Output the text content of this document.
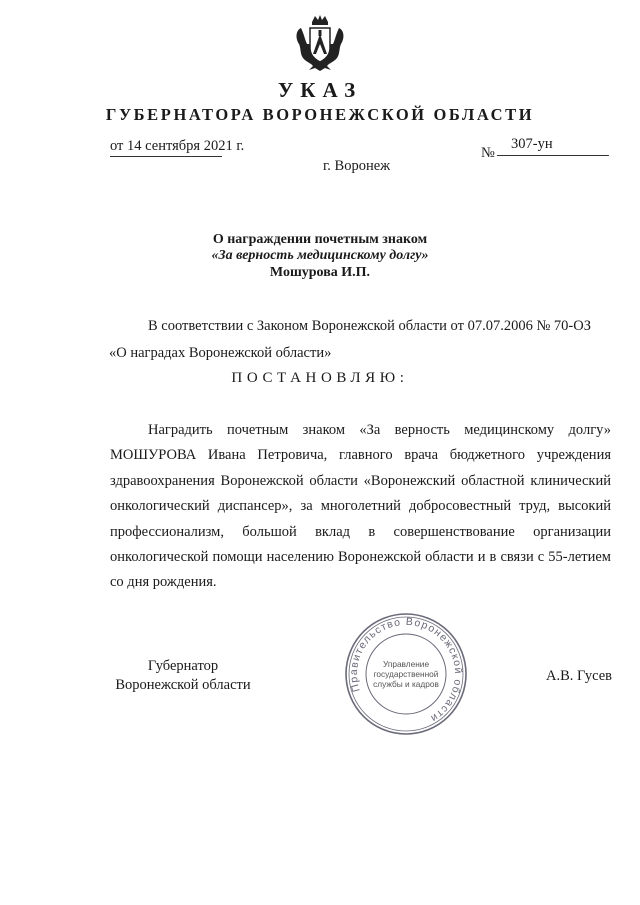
УКАЗ
ГУБЕРНАТОРА ВОРОНЕЖСКОЙ ОБЛАСТИ
от 14 сентября 2021 г.	№
307-ун
г. Воронеж
О награждении почетным знаком
«За верность медицинскому долгу»
Мошурова И.П.
В соответствии с Законом Воронежской области от 07.07.2006 № 70-ОЗ
«О наградах Воронежской области»
ПОСТАНОВЛЯЮ:
Наградить почетным знаком «За верность медицинскому долгу» МОШУРОВА Ивана Петровича, главного врача бюджетного учреждения здравоохранения Воронежской области «Воронежский областной клинический онкологический диспансер», за многолетний добросовестный труд, высокий профессионализм, большой вклад в совершенствование организации онкологической помощи населению Воронежской области и в связи с 55-летием со дня рождения.
Губернатор
Воронежской области	Правительство Воронежской области
Управление
государственной
службы и кадров	А.В. Гусев
